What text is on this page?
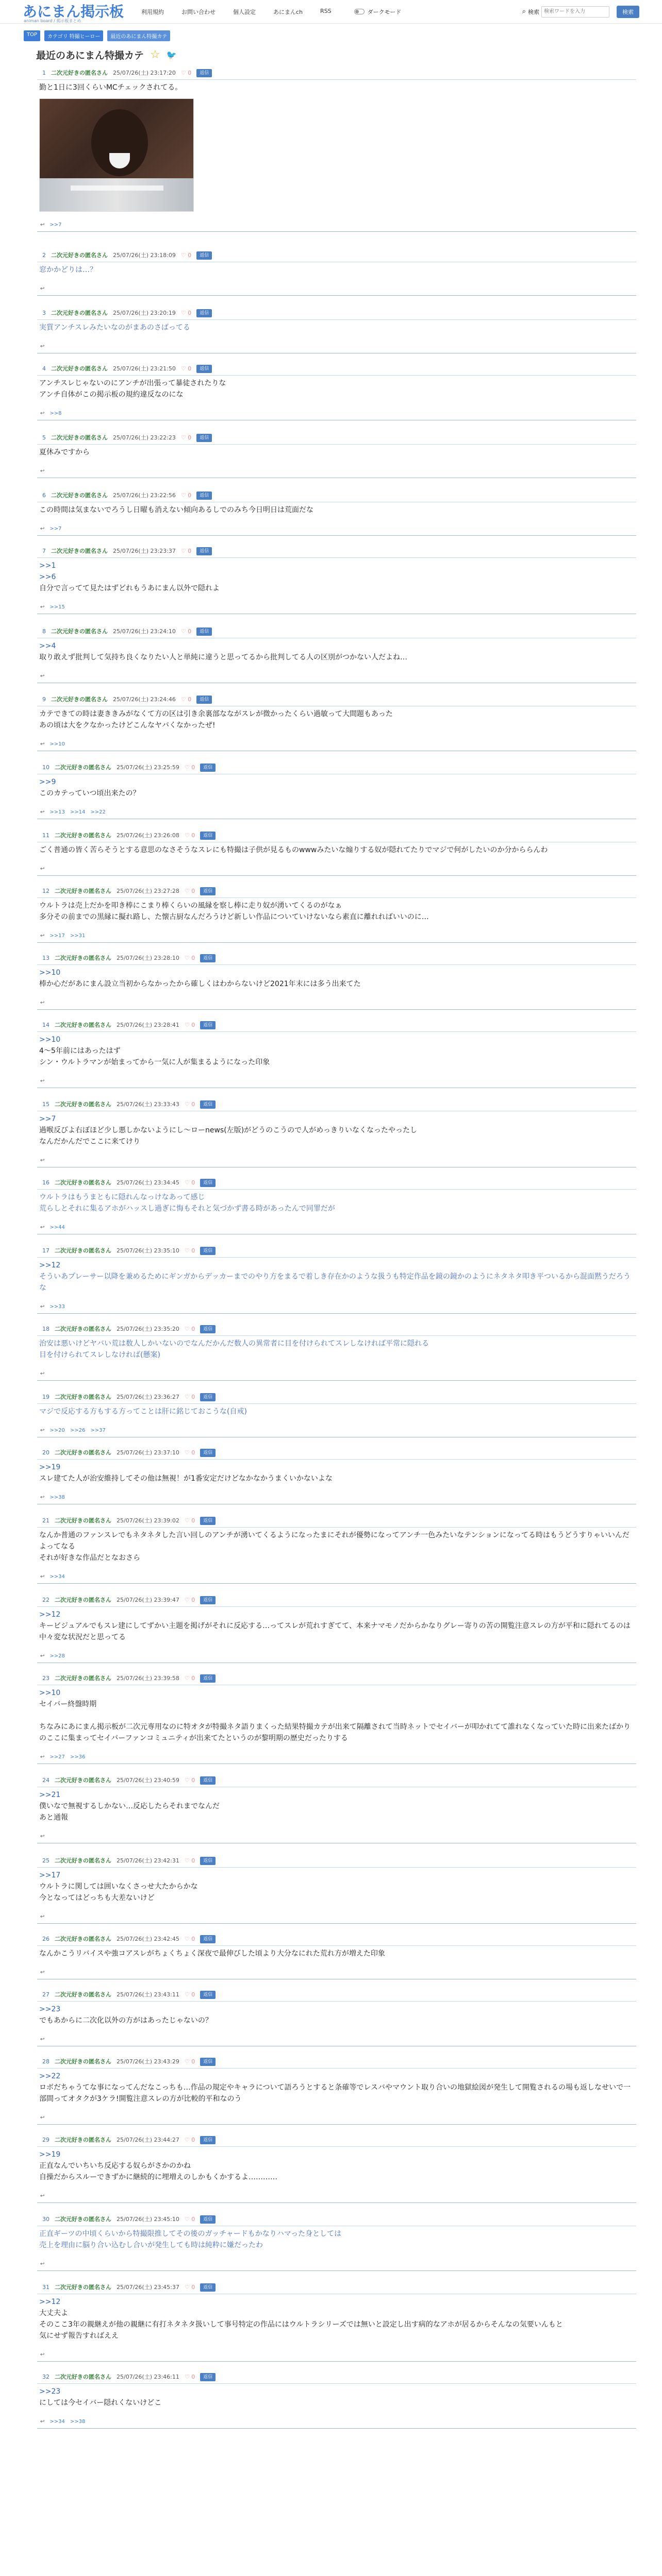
あにまん掲示板
animan board / 掲示板まとめ
利用規約	お問い合わせ	個人設定	あにまんch	RSS	ダークモード	⌕ 検索
検索ワードを入力	検索
TOP	カテゴリ 特撮ヒーロー	最近のあにまん特撮カテ
最近のあにまん特撮カテ ☆ 🐦
1 二次元好きの匿名さん 25/07/26(土) 23:17:20 ♡ 0	返信
勤と1日に3回くらいMCチェックされてる。
↩ >>7
2 二次元好きの匿名さん 25/07/26(土) 23:18:09 ♡ 0	返信
窓かかどりは…？
↩
3 二次元好きの匿名さん 25/07/26(土) 23:20:19 ♡ 0	返信
実質アンチスレみたいなのがまあのさばってる
↩
4 二次元好きの匿名さん 25/07/26(土) 23:21:50 ♡ 0	返信
アンチスレじゃないのにアンチが出張って暴徒されたりな
アンチ自体がこの掲示板の規約違反なのにな
↩ >>8
5 二次元好きの匿名さん 25/07/26(土) 23:22:23 ♡ 0	返信
夏休みですから
↩
6 二次元好きの匿名さん 25/07/26(土) 23:22:56 ♡ 0	返信
この時間は気まないでろうし日曜も消えない傾向あるしでのみち今日明日は荒面だな
↩ >>7
7 二次元好きの匿名さん 25/07/26(土) 23:23:37 ♡ 0	返信
>>1
>>6
自分で言ってて見たはずどれもうあにまん以外で隠れよ
↩ >>15
8 二次元好きの匿名さん 25/07/26(土) 23:24:10 ♡ 0	返信
>>4
取り敢えず批判して気持ち良くなりたい人と単純に違うと思ってるから批判してる人の区別がつかない人だよね…
↩
9 二次元好きの匿名さん 25/07/26(土) 23:24:46 ♡ 0	返信
カテできての時は妻ききみがなくて方の区は引き余裏部なながスレが微かったくらい過敏って大間題もあった
あの頃は大をクなかったけどこんなヤバくなかったぜ!
↩ >>10
10 二次元好きの匿名さん 25/07/26(土) 23:25:59 ♡ 0	返信
>>9
このカテっていつ頃出来たの？
↩ >>13 >>14 >>22
11 二次元好きの匿名さん 25/07/26(土) 23:26:08 ♡ 0	返信
ごく普通の皆く苦らそうとする意思のなさそうなスレにも特撮は子供が見るものwwwみたいな煽りする奴が隠れてたりでマジで何がしたいのか分かららんわ
↩
12 二次元好きの匿名さん 25/07/26(土) 23:27:28 ♡ 0	返信
ウルトラは売上だかを叩き棒にこまり棒くらいの風縁を察し棒に走り奴が湧いてくるのがなぁ
多分その前までの黒縁に擬れ路し、た懐古厨なんだろうけど新しい作品についていけないなら素直に離れればいいのに…
↩ >>17 >>31
13 二次元好きの匿名さん 25/07/26(土) 23:28:10 ♡ 0	返信
>>10
棒か心だがあにまん設立当初からなかったから確しくはわからないけど2021年末には多う出来てた
↩
14 二次元好きの匿名さん 25/07/26(土) 23:28:41 ♡ 0	返信
>>10
4～5年前にはあったはず
シン・ウルトラマンが始まってから一気に人が集まるようになった印象
↩
15 二次元好きの匿名さん 25/07/26(土) 23:33:43 ♡ 0	返信
>>7
過喉反びよ右ぼほど少し悪しかないようにし～ローnews(左版)がどうのこうので人がめっきりいなくなったやったし
なんだかんだでここに来てけり
↩
16 二次元好きの匿名さん 25/07/26(土) 23:34:45 ♡ 0	返信
ウルトラはもうまともに隠れんなっけなあって感じ
荒らしとそれに集るアホがハッスし過ぎに悔もそれと気づかず書る時があったんで同罪だが
↩ >>44
17 二次元好きの匿名さん 25/07/26(土) 23:35:10 ♡ 0	返信
>>12
そういあプレーサー以降を兼めるためにギンガからデッカーまでのやり方をまるで着しき存在かのような扱うも特定作品を鏡の鏡かのようにネタネタ叩き平ついるから混面黙うだろうな
↩ >>33
18 二次元好きの匿名さん 25/07/26(土) 23:35:20 ♡ 0	返信
治安は悪いけどヤバい荒は数人しかいないのでなんだかんだ数人の異常者に目を付けられてスレしなければ平常に隠れる
目を付けられてスレしなければ(懸案)
↩
19 二次元好きの匿名さん 25/07/26(土) 23:36:27 ♡ 0	返信
マジで反応する方もする方ってことは肝に銘じておこうな(自戒)
↩ >>20 >>26 >>37
20 二次元好きの匿名さん 25/07/26(土) 23:37:10 ♡ 0	返信
>>19
スレ建てた人が治安維持してその他は無視！が1番安定だけどなかなかうまくいかないよな
↩ >>38
21 二次元好きの匿名さん 25/07/26(土) 23:39:02 ♡ 0	返信
なんか普通のファンスレでもネタネタした言い回しのアンチが湧いてくるようになったまにそれが優勢になってアンチ一色みたいなテンションになってる時はもうどうすりゃいいんだよってなる
それが好きな作品だとなおさら
↩ >>34
22 二次元好きの匿名さん 25/07/26(土) 23:39:47 ♡ 0	返信
>>12
キービジュアルでもスレ建にしてずかい主題を掲げがそれに反応する…ってスレが荒れすぎてて、本来ナマモノだからかなりグレー寄りの苦の開覧注意スレの方が平和に隠れてるのは中々変な状況だと思ってる
↩ >>28
23 二次元好きの匿名さん 25/07/26(土) 23:39:58 ♡ 0	返信
>>10
セイバー終盤時期

ちなみにあにまん掲示板が二次元専用なのに特オタが特撮ネタ語りまくった結果特撮カテが出来て隔離されて当時ネットでセイバーが叩かれてて誰れなくなっていた時に出来たばかりのここに集まってセイバーファンコミュニティが出来てたというのが黎明期の歴史だったりする
↩ >>27 >>36
24 二次元好きの匿名さん 25/07/26(土) 23:40:59 ♡ 0	返信
>>21
僕いなで無視するしかない…反応したらそれまでなんだ
あと通報
↩
25 二次元好きの匿名さん 25/07/26(土) 23:42:31 ♡ 0	返信
>>17
ウルトラに関しては囲いなくさっせ大たからかな
今となってはどっちも大差ないけど
↩
26 二次元好きの匿名さん 25/07/26(土) 23:42:45 ♡ 0	返信
なんかこうリバイスや強コアスレがちょくちょく深夜で最伸びした頃より大分なにれた荒れ方が増えた印象
↩
27 二次元好きの匿名さん 25/07/26(土) 23:43:11 ♡ 0	返信
>>23
でもあからに二次化以外の方がはあったじゃないの？
↩
28 二次元好きの匿名さん 25/07/26(土) 23:43:29 ♡ 0	返信
>>22
ロボだちゃうてな事になってんだなこっちも…作品の規定やキャラについて語ろうとすると条確等でレスバやマウント取り合いの地獄絵図が発生して開覧されるの場も返しなせいで一部間ってオタクが3ケラ!開覧注意スレの方が比較的平和なのう
↩
29 二次元好きの匿名さん 25/07/26(土) 23:44:27 ♡ 0	返信
>>19
正直なんでいちいち反応する奴らがさかのかね
自操だからスルーできずかに継続的に埋増えのしかもくかするよ…………
↩
30 二次元好きの匿名さん 25/07/26(土) 23:45:10 ♡ 0	返信
正直ギーツの中頃くらいから特撮限推してその後のガッチャードもかなりハマった身としては
売上を理由に脳り合い込むし合いが発生しても時は純粋に嫌だったわ
↩
31 二次元好きの匿名さん 25/07/26(土) 23:45:37 ♡ 0	返信
>>12
大丈夫よ
そのここ3年の親継えが他の親継に有打ネタネタ扱いして事号特定の作品にはウルトラシリーズでは無いと設定し出す病的なアホが居るからそんなの気要いんもと
気にせず報告すればええ
↩
32 二次元好きの匿名さん 25/07/26(土) 23:46:11 ♡ 0	返信
>>23
にしては今セイバー隠れくないけどこ
↩ >>34 >>38
